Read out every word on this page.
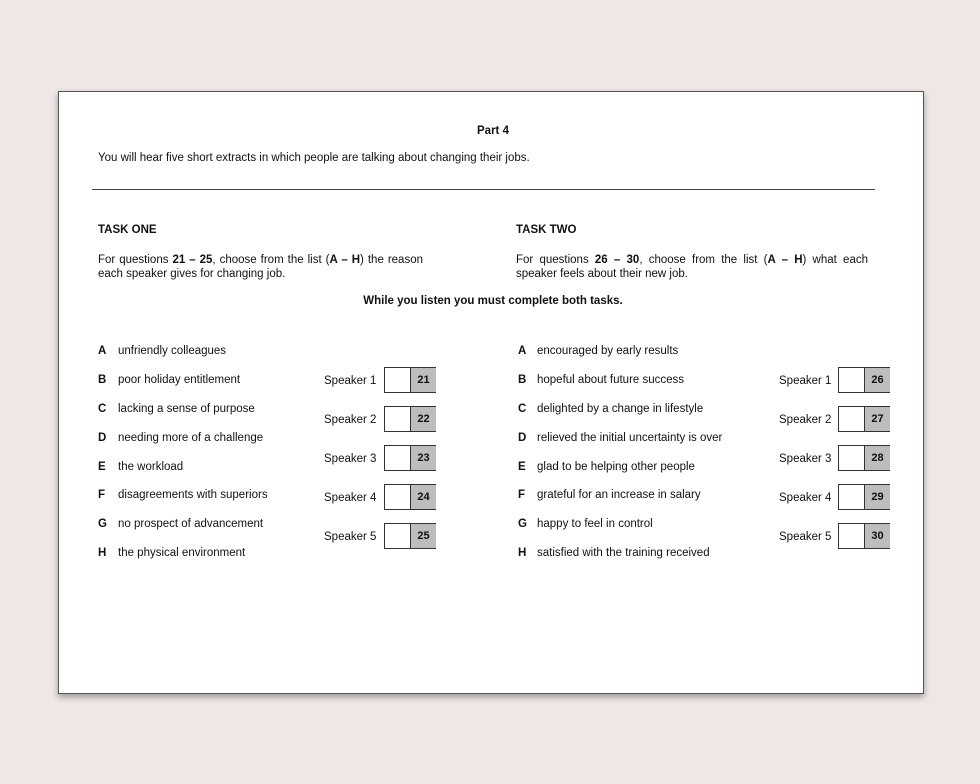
Part 4
You will hear five short extracts in which people are talking about changing their jobs.
TASK ONE
For questions 21 – 25, choose from the list (A – H) the reason each speaker gives for changing job.
TASK TWO
For questions 26 – 30, choose from the list (A – H) what each speaker feels about their new job.
While you listen you must complete both tasks.
A unfriendly colleagues
B poor holiday entitlement
C lacking a sense of purpose
D needing more of a challenge
E the workload
F disagreements with superiors
G no prospect of advancement
H the physical environment
Speaker 1	21
Speaker 2	22
Speaker 3	23
Speaker 4	24
Speaker 5	25
A encouraged by early results
B hopeful about future success
C delighted by a change in lifestyle
D relieved the initial uncertainty is over
E glad to be helping other people
F grateful for an increase in salary
G happy to feel in control
H satisfied with the training received
Speaker 1	26
Speaker 2	27
Speaker 3	28
Speaker 4	29
Speaker 5	30
